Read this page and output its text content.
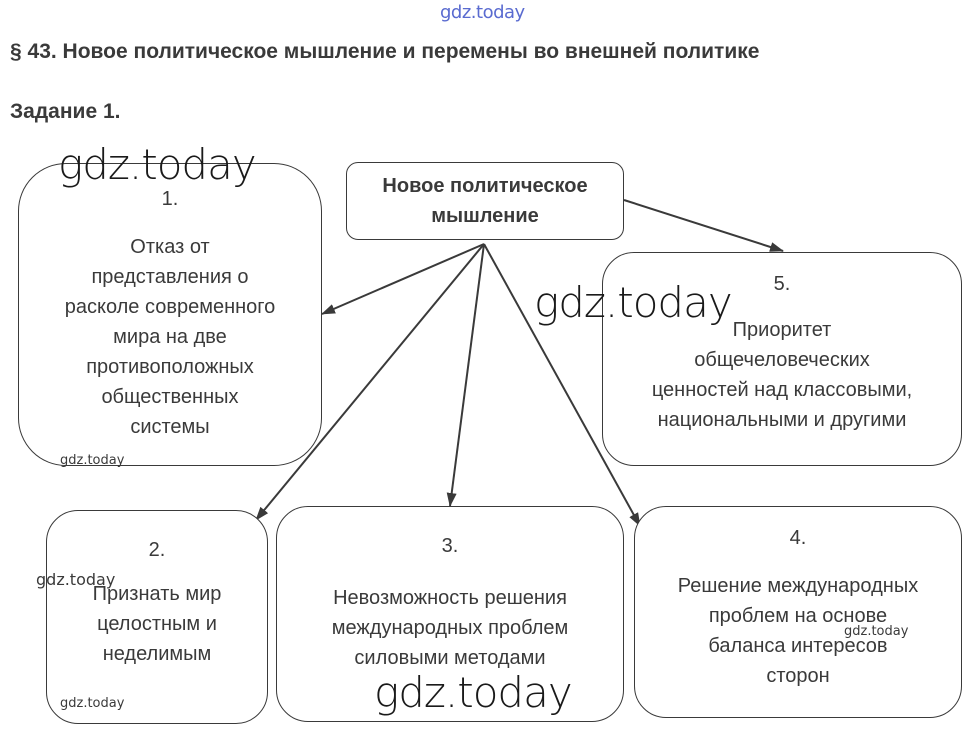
gdz.today
§ 43. Новое политическое мышление и перемены во внешней политике
Задание 1.
Новое политическое
мышление
1.
Отказ от
представления о
расколе современного
мира на две
противоположных
общественных
системы
5.
Приоритет
общечеловеческих
ценностей над классовыми,
национальными и другими
2.
Признать мир
целостным и
неделимым
3.
Невозможность решения
международных проблем
силовыми методами
4.
Решение международных
проблем на основе
баланса интересов
сторон
gdz.today
gdz.today
gdz.today
gdz.today
gdz.today
gdz.today
gdz.today
